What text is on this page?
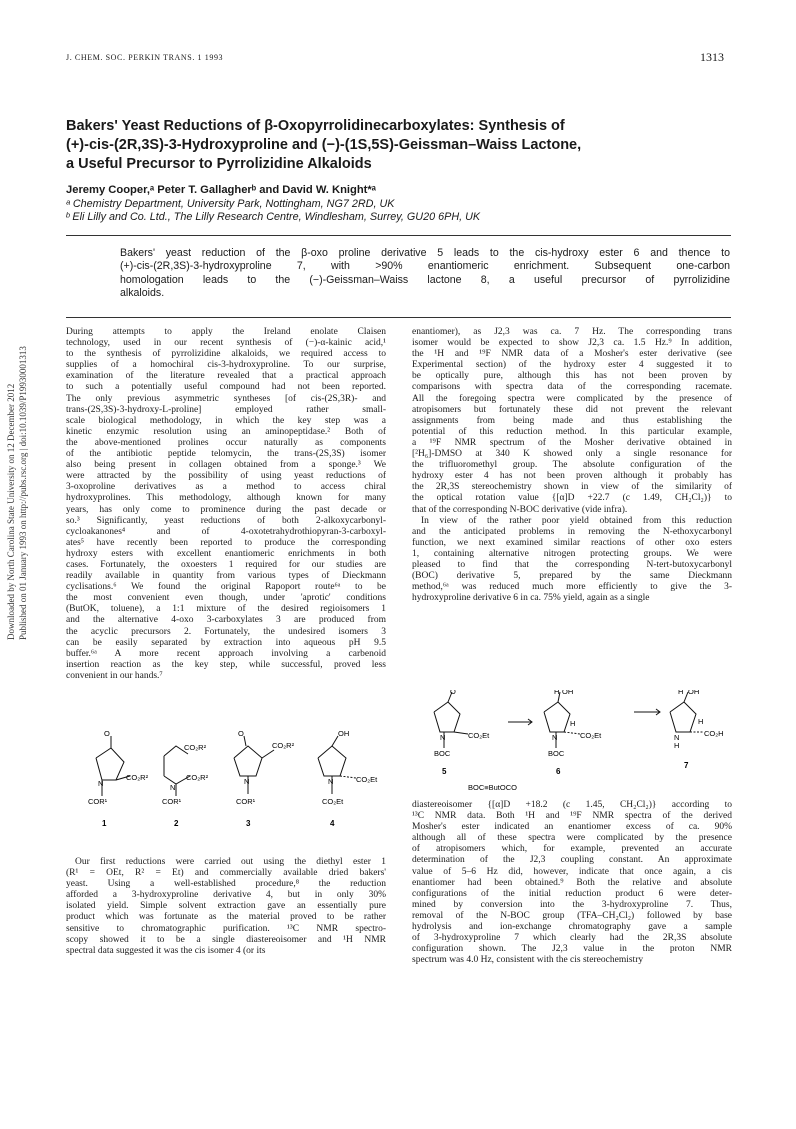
J. CHEM. SOC. PERKIN TRANS. 1 1993	1313
Downloaded by North Carolina State University on 12 December 2012 Published on 01 January 1993 on http://pubs.rsc.org | doi:10.1039/P19930001313
Bakers' Yeast Reductions of β-Oxopyrrolidinecarboxylates: Synthesis of
(+)-cis-(2R,3S)-3-Hydroxyproline and (−)-(1S,5S)-Geissman–Waiss Lactone,
a Useful Precursor to Pyrrolizidine Alkaloids
Jeremy Cooper,ᵃ Peter T. Gallagherᵇ and David W. Knight*ᵃ
ᵃ Chemistry Department, University Park, Nottingham, NG7 2RD, UK
ᵇ Eli Lilly and Co. Ltd., The Lilly Research Centre, Windlesham, Surrey, GU20 6PH, UK
Bakers' yeast reduction of the β-oxo proline derivative 5 leads to the cis-hydroxy ester 6 and thence to
(+)-cis-(2R,3S)-3-hydroxyproline 7, with >90% enantiomeric enrichment. Subsequent one-carbon
homologation leads to the (−)-Geissman–Waiss lactone 8, a useful precursor of pyrrolizidine
alkaloids.
During attempts to apply the Ireland enolate Claisen
technology, used in our recent synthesis of (−)-α-kainic acid,¹
to the synthesis of pyrrolizidine alkaloids, we required access to
supplies of a homochiral cis-3-hydroxyproline. To our surprise,
examination of the literature revealed that a practical approach
to such a potentially useful compound had not been reported.
The only previous asymmetric syntheses [of cis-(2S,3R)- and
trans-(2S,3S)-3-hydroxy-L-proline] employed rather small-
scale biological methodology, in which the key step was a
kinetic enzymic resolution using an aminopeptidase.² Both of
the above-mentioned prolines occur naturally as components
of the antibiotic peptide telomycin, the trans-(2S,3S) isomer
also being present in collagen obtained from a sponge.³ We
were attracted by the possibility of using yeast reductions of
3-oxoproline derivatives as a method to access chiral
hydroxyprolines. This methodology, although known for many
years, has only come to prominence during the past decade or
so.³ Significantly, yeast reductions of both 2-alkoxycarbonyl-
cycloakanones⁴ and of 4-oxotetrahydrothiopyran-3-carboxyl-
ates⁵ have recently been reported to produce the corresponding
hydroxy esters with excellent enantiomeric enrichments in both
cases. Fortunately, the oxoesters 1 required for our studies are
readily available in quantity from various types of Dieckmann
cyclisations.⁶ We found the original Rapoport route⁶ᵃ to be
the most convenient even though, under 'aprotic' conditions
(ButOK, toluene), a 1:1 mixture of the desired regioisomers 1
and the alternative 4-oxo 3-carboxylates 3 are produced from
the acyclic precursors 2. Fortunately, the undesired isomers 3
can be easily separated by extraction into aqueous pH 9.5
buffer.⁶ᵃ A more recent approach involving a carbenoid
insertion reaction as the key step, while successful, proved less
convenient in our hands.⁷
O
CO₂R²
N
COR¹
1
CO₂R²
CO₂R²
N
COR¹
2
O
CO₂R²
N
COR¹
3
OH
CO₂Et
N
CO₂Et
4
Our first reductions were carried out using the diethyl ester 1
(R¹ = OEt, R² = Et) and commercially available dried bakers'
yeast. Using a well-established procedure,⁸ the reduction
afforded a 3-hydroxyproline derivative 4, but in only 30%
isolated yield. Simple solvent extraction gave an essentially pure
product which was fortunate as the material proved to be rather
sensitive to chromatographic purification. ¹³C NMR spectro-
scopy showed it to be a single diastereoisomer and ¹H NMR
spectral data suggested it was the cis isomer 4 (or its
enantiomer), as J2,3 was ca. 7 Hz. The corresponding trans
isomer would be expected to show J2,3 ca. 1.5 Hz.⁹ In addition,
the ¹H and ¹⁹F NMR data of a Mosher's ester derivative (see
Experimental section) of the hydroxy ester 4 suggested it to
be optically pure, although this has not been proven by
comparisons with spectra data of the corresponding racemate.
All the foregoing spectra were complicated by the presence of
atropisomers but fortunately these did not prevent the relevant
assignments from being made and thus establishing the
potential of this reduction method. In this particular example,
a ¹⁹F NMR spectrum of the Mosher derivative obtained in
[²H₆]-DMSO at 340 K showed only a single resonance for
the trifluoromethyl group. The absolute configuration of the
hydroxy ester 4 has not been proven although it probably has
the 2R,3S stereochemistry shown in view of the similarity of
the optical rotation value {[α]D +22.7 (c 1.49, CH₂Cl₂)} to
that of the corresponding N-BOC derivative (vide infra).
In view of the rather poor yield obtained from this reduction
and the anticipated problems in removing the N-ethoxycarbonyl
function, we next examined similar reactions of other oxo esters
1, containing alternative nitrogen protecting groups. We were
pleased to find that the corresponding N-tert-butoxycarbonyl
(BOC) derivative 5, prepared by the same Dieckmann
method,⁶ᵃ was reduced much more efficiently to give the 3-
hydroxyproline derivative 6 in ca. 75% yield, again as a single
O
CO₂Et
N
BOC
5
H OH
H
CO₂Et
N
BOC
6
H OH
H
CO₂H
N
H
7
BOC≡ButOCO
diastereoisomer {[α]D +18.2 (c 1.45, CH₂Cl₂)} according to
¹³C NMR data. Both ¹H and ¹⁹F NMR spectra of the derived
Mosher's ester indicated an enantiomer excess of ca. 90%
although all of these spectra were complicated by the presence
of atropisomers which, for example, prevented an accurate
determination of the J2,3 coupling constant. An approximate
value of 5–6 Hz did, however, indicate that once again, a cis
enantiomer had been obtained.⁹ Both the relative and absolute
configurations of the initial reduction product 6 were deter-
mined by conversion into the 3-hydroxyproline 7. Thus,
removal of the N-BOC group (TFA–CH₂Cl₂) followed by base
hydrolysis and ion-exchange chromatography gave a sample
of 3-hydroxyproline 7 which clearly had the 2R,3S absolute
configuration shown. The J2,3 value in the proton NMR
spectrum was 4.0 Hz, consistent with the cis stereochemistry
